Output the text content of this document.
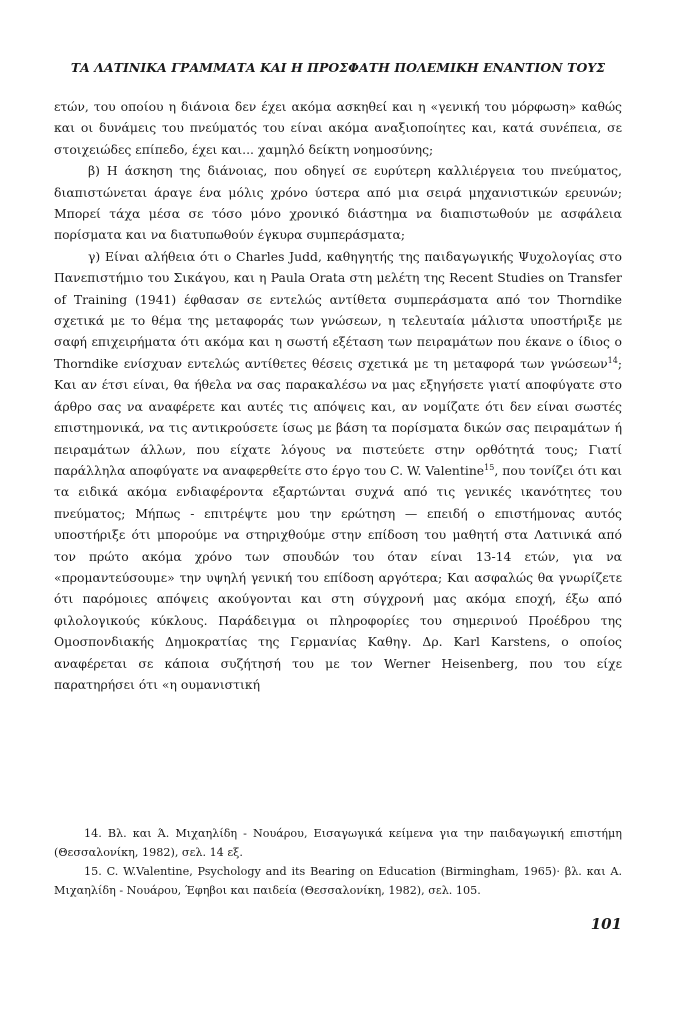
ΤΑ ΛΑΤΙΝΙΚΑ ΓΡΑΜΜΑΤΑ ΚΑΙ Η ΠΡΟΣΦΑΤΗ ΠΟΛΕΜΙΚΗ ΕΝΑΝΤΙΟΝ ΤΟΥΣ

ετών, του οποίου η διάνοια δεν έχει ακόμα ασκηθεί και η «γενική του μόρφωση» καθώς και οι δυνάμεις του πνεύματός του είναι ακόμα αναξιοποίητες και, κατά συνέπεια, σε στοιχειώδες επίπεδο, έχει και... χαμηλό δείκτη νοημοσύνης;

β) Η άσκηση της διάνοιας, που οδηγεί σε ευρύτερη καλλιέργεια του πνεύματος, διαπιστώνεται άραγε ένα μόλις χρόνο ύστερα από μια σειρά μηχανιστικών ερευνών; Μπορεί τάχα μέσα σε τόσο μόνο χρονικό διάστημα να διαπιστωθούν με ασφάλεια πορίσματα και να διατυπωθούν έγκυρα συμπεράσματα;

γ) Είναι αλήθεια ότι ο Charles Judd, καθηγητής της παιδαγωγικής Ψυχολογίας στο Πανεπιστήμιο του Σικάγου, και η Paula Orata στη μελέτη της Recent Studies on Transfer of Training (1941) έφθασαν σε εντελώς αντίθετα συμπεράσματα από τον Thorndike σχετικά με το θέμα της μεταφοράς των γνώσεων, η τελευταία μάλιστα υποστήριξε με σαφή επιχειρήματα ότι ακόμα και η σωστή εξέταση των πειραμάτων που έκανε ο ίδιος ο Thorndike ενίσχυαν εντελώς αντίθετες θέσεις σχετικά με τη μεταφορά των γνώσεων$^{14}$; Και αν έτσι είναι, θα ήθελα να σας παρακαλέσω να μας εξηγήσετε γιατί αποφύγατε στο άρθρο σας να αναφέρετε και αυτές τις απόψεις και, αν νομίζατε ότι δεν είναι σωστές επιστημονικά, να τις αντικρούσετε ίσως με βάση τα πορίσματα δικών σας πειραμάτων ή πειραμάτων άλλων, που είχατε λόγους να πιστεύετε στην ορθότητά τους; Γιατί παράλληλα αποφύγατε να αναφερθείτε στο έργο του C. W. Valentine$^{15}$, που τονίζει ότι και τα ειδικά ακόμα ενδιαφέροντα εξαρτώνται συχνά από τις γενικές ικανότητες του πνεύματος; Μήπως - επιτρέψτε μου την ερώτηση — επειδή ο επιστήμονας αυτός υποστήριξε ότι μπορούμε να στηριχθούμε στην επίδοση του μαθητή στα Λατινικά από τον πρώτο ακόμα χρόνο των σπουδών του όταν είναι 13-14 ετών, για να «προμαντεύσουμε» την υψηλή γενική του επίδοση αργότερα; Και ασφαλώς θα γνωρίζετε ότι παρόμοιες απόψεις ακούγονται και στη σύγχρονή μας ακόμα εποχή, έξω από φιλολογικούς κύκλους. Παράδειγμα οι πληροφορίες του σημερινού Προέδρου της Ομοσπονδιακής Δημοκρατίας της Γερμανίας Καθηγ. Δρ. Karl Karstens, ο οποίος αναφέρεται σε κάποια συζήτησή του με τον Werner Heisenberg, που του είχε παρατηρήσει ότι «η ουμανιστική

14. Βλ. και Ά. Μιχαηλίδη - Νουάρου, Εισαγωγικά κείμενα για την παιδαγωγική επιστήμη (Θεσσαλονίκη, 1982), σελ. 14 εξ.

15. C. W.Valentine, Psychology and its Bearing on Education (Birmingham, 1965)· βλ. και Α. Μιχαηλίδη - Νουάρου, Έφηβοι και παιδεία (Θεσσαλονίκη, 1982), σελ. 105.

101
